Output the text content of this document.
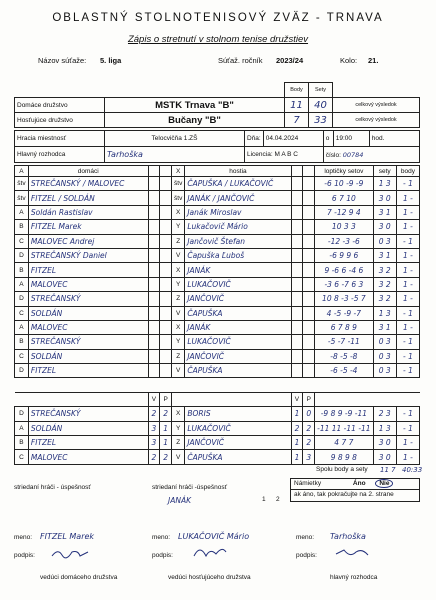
OBLASTNÝ STOLNOTENISOVÝ ZVÄZ - TRNAVA
Zápis o stretnutí v stolnom tenise družstiev
Názov súťaže: 5. liga	Súťaž. ročník 2023/24	Kolo: 21.
		Body	Sety	
Domáce družstvo	MSTK Trnava "B"	11	40	celkový výsledok
Hosťujúce družstvo	Bučany "B"	7	33	celkový výsledok
Hracia miestnosť	Telocvičňa 1.ZŠ	Dňa:	04.04.2024	o	19:00	hod.
Hlavný rozhodca	Tarhoška	Licencia: M A B C		číslo: 00784		
A	domáci			X	hostia			loptičky setov	sety	body
štv	STREČANSKÝ / MALOVEC			štv	ČAPUŠKA / LUKAČOVIČ			-6 10 -9 -9	1 3	- 1
štv	FITZEL / SOLDÁN			štv	JANÁK / JANČOVIČ			6 7 10	3 0	1 -
A	Soldán Rastislav			X	Janák Miroslav			7 -12 9 4	3 1	1 -
B	FITZEL Marek			Y	Lukačovič Mário			10 3 3	3 0	1 -
C	MALOVEC Andrej			Z	Jančovič Štefan			-12 -3 -6	0 3	- 1
D	STREČANSKÝ Daniel			V	Čapuška Ľuboš			-6 9 9 6	3 1	1 -
B	FITZEL			X	JANÁK			9 -6 6 -4 6	3 2	1 -
A	MALOVEC			Y	LUKAČOVIČ			-3 6 -7 6 3	3 2	1 -
D	STREČANSKÝ			Z	JANČOVIČ			10 8 -3 -5 7	3 2	1 -
C	SOLDÁN			V	ČAPUŠKA			4 -5 -9 -7	1 3	- 1
A	MALOVEC			X	JANÁK			6 7 8 9	3 1	1 -
B	STREČANSKÝ			Y	LUKAČOVIČ			-5 -7 -11	0 3	- 1
C	SOLDÁN			Z	JANČOVIČ			-8 -5 -8	0 3	- 1
D	FITZEL			V	ČAPUŠKA			-6 -5 -4	0 3	- 1

		V	P			V	P			
D	STREČANSKÝ	2	2	X	BORIS	1	0	-9 8 9 -9 -11	2 3	- 1
A	SOLDÁN	3	1	Y	LUKAČOVIČ	2	2	-11 11 -11 -11	1 3	- 1
B	FITZEL	3	1	Z	JANČOVIČ	1	2	4 7 7	3 0	1 -
C	MALOVEC	2	2	V	ČAPUŠKA	1	3	9 8 9 8	3 0	1 -
striedaní hráči - úspešnosť	striedaní hráči -úspešnosť
JANÁK	1 2
Spolu body a sety 11 7 40:33
Námietky	Áno Nie
ak áno, tak pokračujte na 2. strane
meno: FITZEL Marek
podpis:
vedúci domáceho družstva
meno: LUKAČOVIČ Mário
podpis:
vedúci hosťujúceho družstva
meno: Tarhoška
podpis:
hlavný rozhodca
